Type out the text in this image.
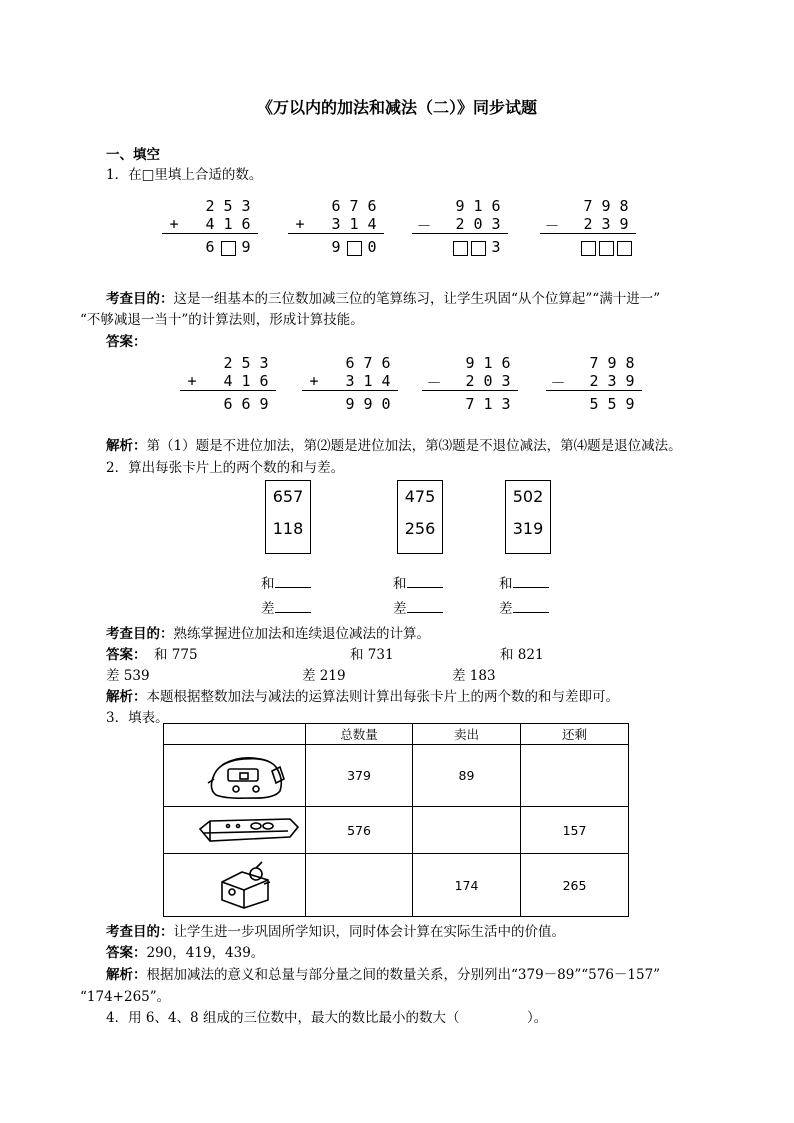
《万以内的加法和减法（二）》同步试题
一、填空
1．在□里填上合适的数。
2 5 3
+ 4 1 6
6 9
6 7 6
+ 3 1 4
9 0
9 1 6
－ 2 0 3
3
7 9 8
－ 2 3 9
考查目的：这是一组基本的三位数加减三位的笔算练习，让学生巩固“从个位算起”“满十进一”
“不够减退一当十”的计算法则，形成计算技能。
答案：
2 5 3
+ 4 1 6
6 6 9
6 7 6
+ 3 1 4
9 9 0
9 1 6
－ 2 0 3
7 1 3
7 9 8
－ 2 3 9
5 5 9
解析：第（1）题是不进位加法，第⑵题是进位加法，第⑶题是不退位减法，第⑷题是退位减法。
2．算出每张卡片上的两个数的和与差。
657
118
475
256
502
319
和	和	和
差	差	差
考查目的：熟练掌握进位加法和连续退位减法的计算。
答案： 和 775	和 731	和 821
差 539	差 219	差 183
解析：本题根据整数加法与减法的运算法则计算出每张卡片上的两个数的和与差即可。
3．填表。
	总数量	卖出	还剩

	379	89	

	576		157

		174	265
考查目的：让学生进一步巩固所学知识，同时体会计算在实际生活中的价值。
答案：290，419，439。
解析：根据加减法的意义和总量与部分量之间的数量关系，分别列出“379－89”“576－157”
“174+265”。
4．用 6、4、8 组成的三位数中，最大的数比最小的数大（　　　　　）。
